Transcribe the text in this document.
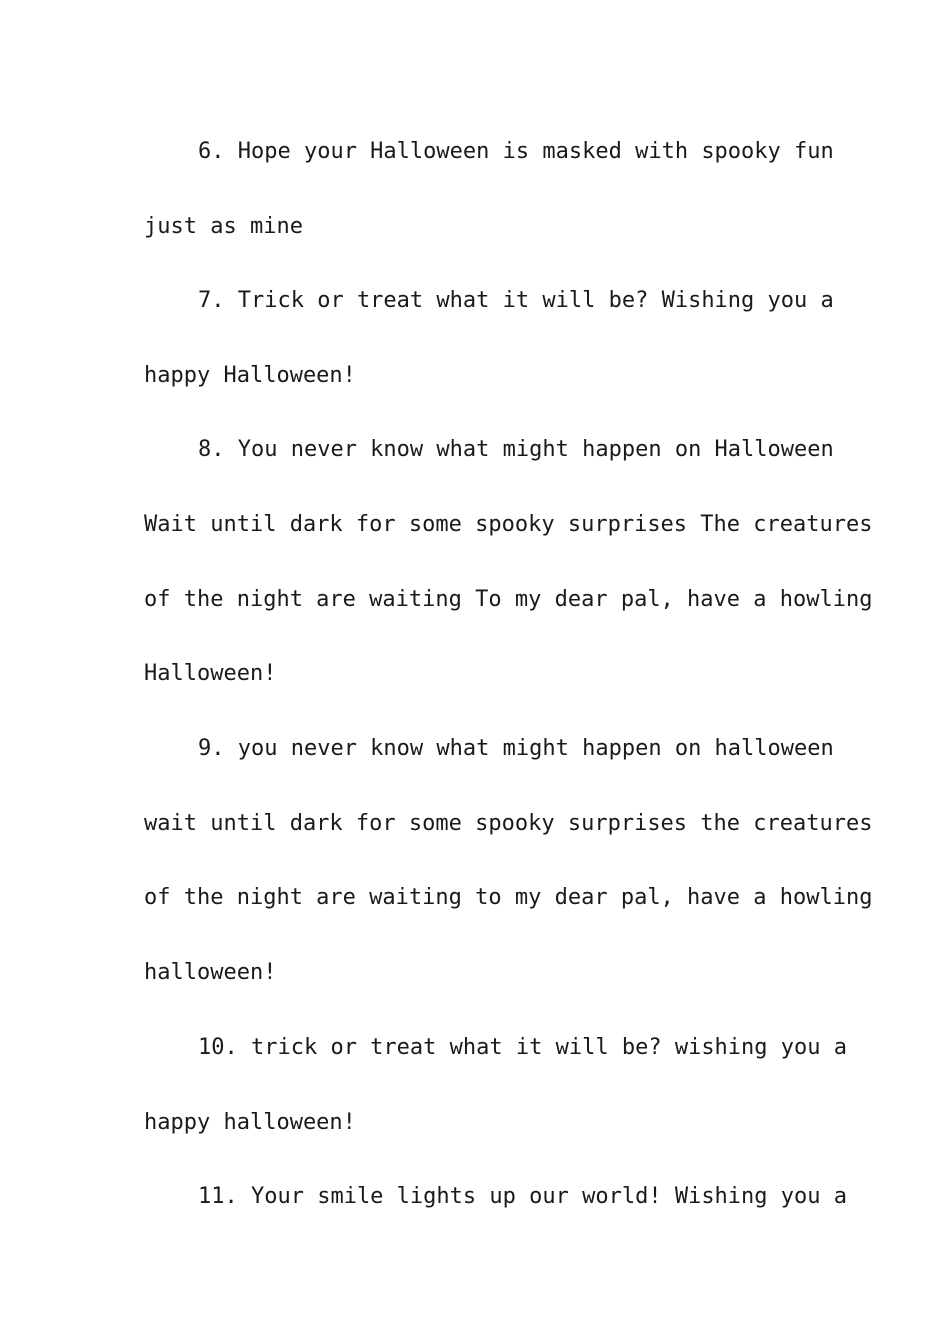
6. Hope your Halloween is masked with spooky fun
just as mine
7. Trick or treat what it will be? Wishing you a
happy Halloween!
8. You never know what might happen on Halloween
Wait until dark for some spooky surprises The creatures
of the night are waiting To my dear pal, have a howling
Halloween!
9. you never know what might happen on halloween
wait until dark for some spooky surprises the creatures
of the night are waiting to my dear pal, have a howling
halloween!
10. trick or treat what it will be? wishing you a
happy halloween!
11. Your smile lights up our world! Wishing you a
